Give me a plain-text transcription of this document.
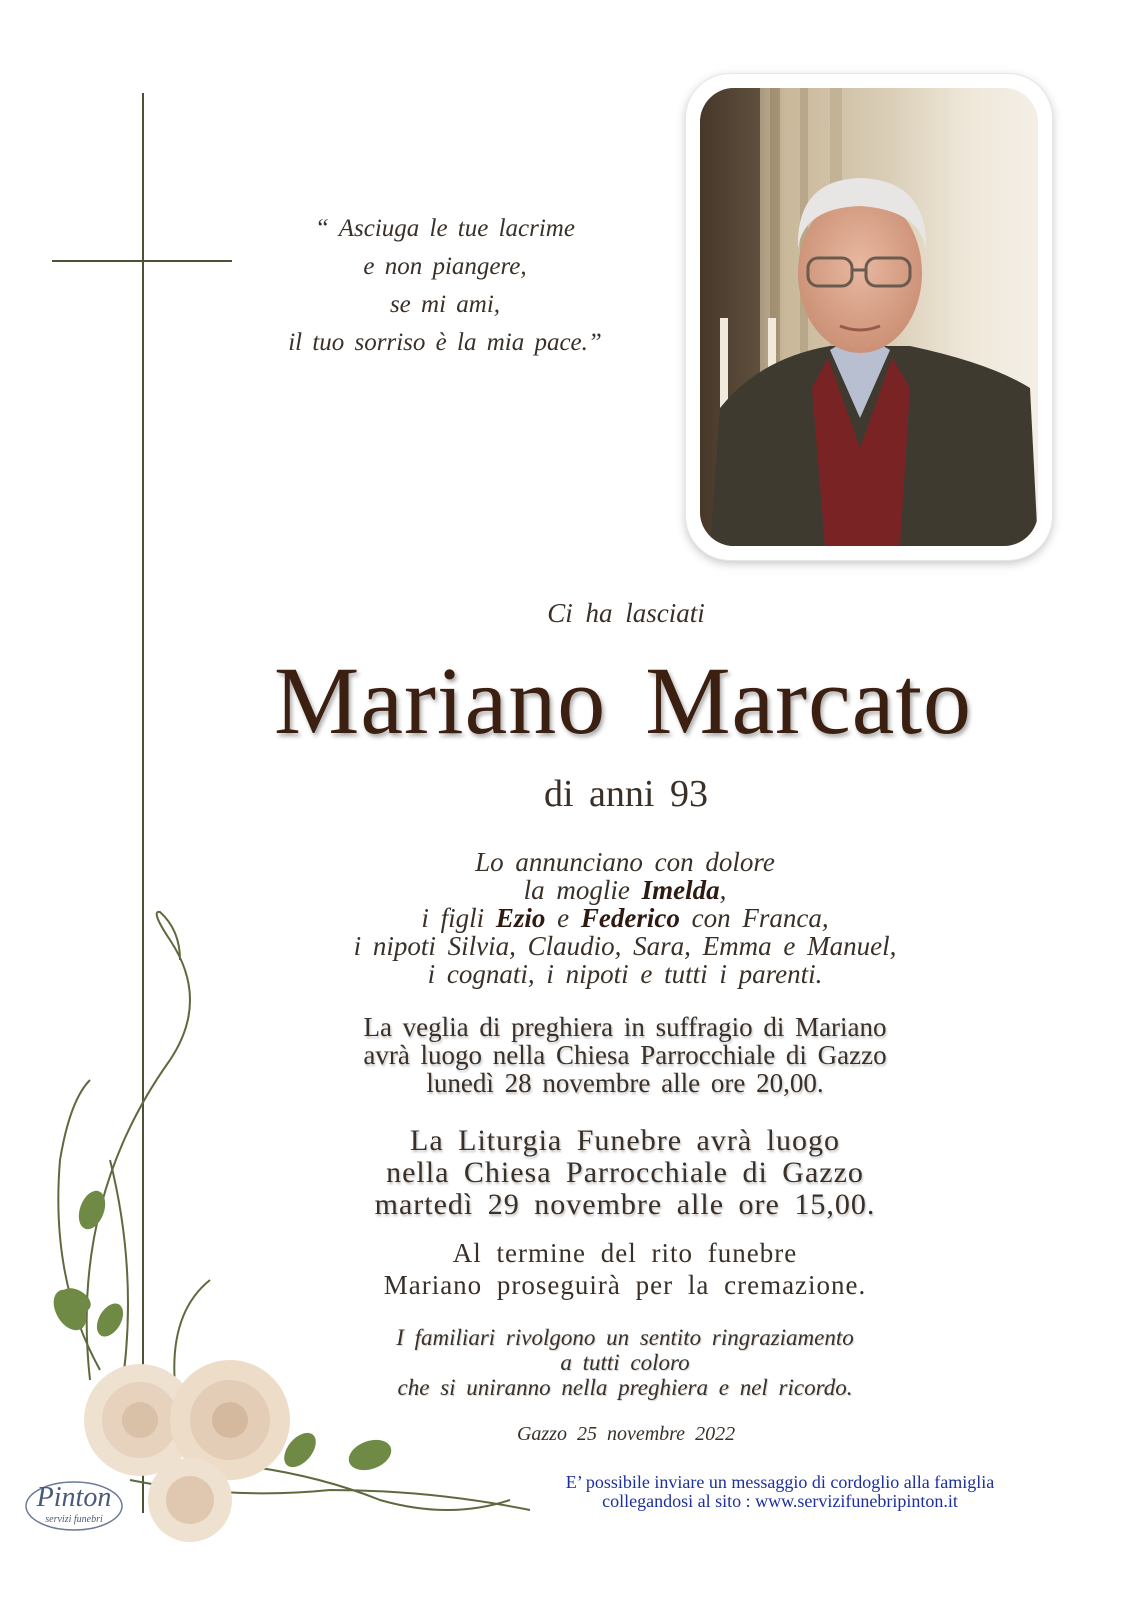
“ Asciuga le tue lacrime
e non piangere,
se mi ami,
il tuo sorriso è la mia pace.”
Ci ha lasciati
Mariano Marcato
di anni 93
Lo annunciano con dolore
la moglie Imelda,
i figli Ezio e Federico con Franca,
i nipoti Silvia, Claudio, Sara, Emma e Manuel,
i cognati, i nipoti e tutti i parenti.
La veglia di preghiera in suffragio di Mariano
avrà luogo nella Chiesa Parrocchiale di Gazzo
lunedì 28 novembre alle ore 20,00.
La Liturgia Funebre avrà luogo
nella Chiesa Parrocchiale di Gazzo
martedì 29 novembre alle ore 15,00.
Al termine del rito funebre
Mariano proseguirà per la cremazione.
I familiari rivolgono un sentito ringraziamento
a tutti coloro
che si uniranno nella preghiera e nel ricordo.
Gazzo 25 novembre 2022
E’ possibile inviare un messaggio di cordoglio alla famiglia
collegandosi al sito : www.servizifunebripinton.it
Pinton
servizi funebri
